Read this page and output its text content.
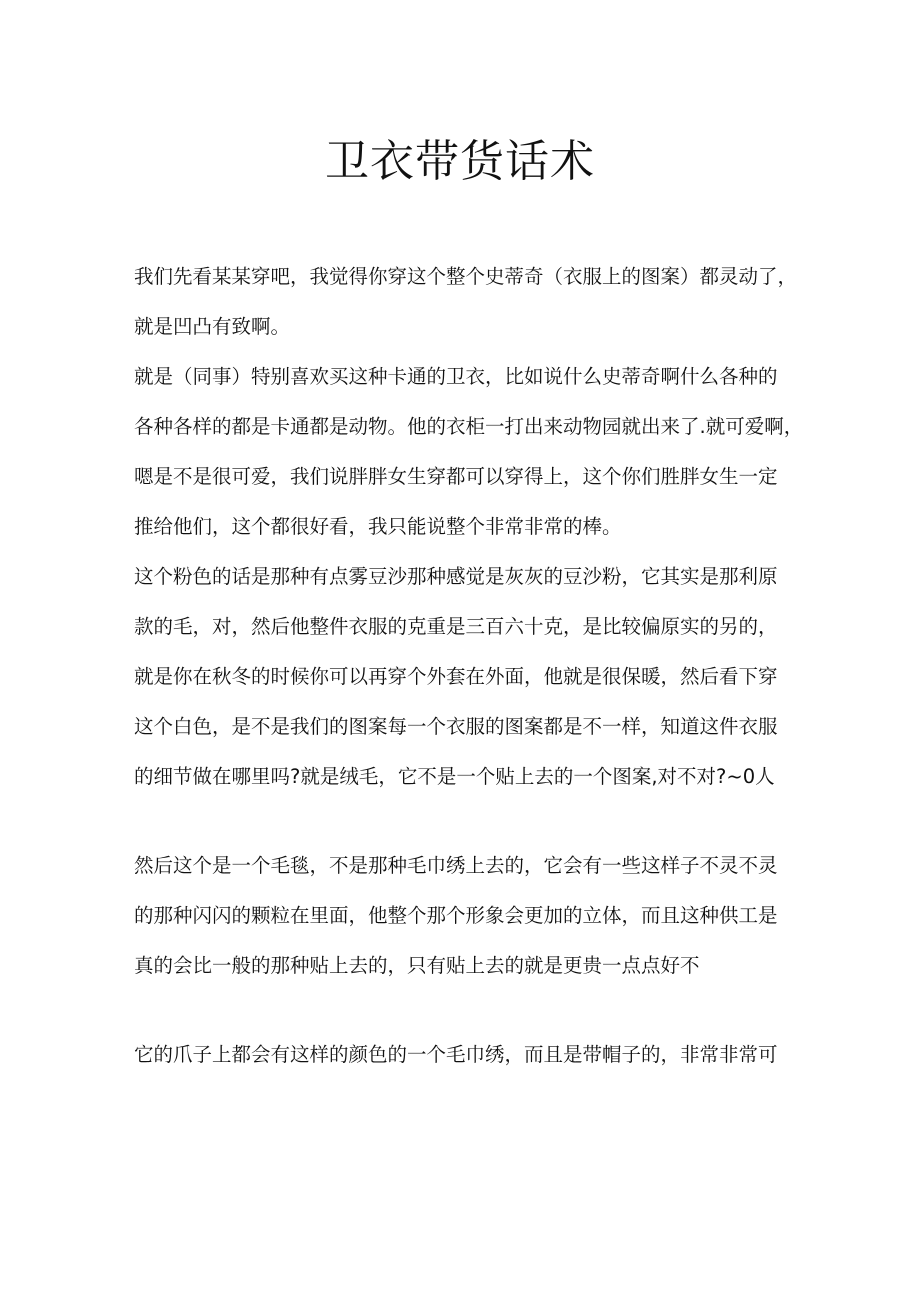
卫衣带货话术
我们先看某某穿吧，我觉得你穿这个整个史蒂奇（衣服上的图案）都灵动了，
就是凹凸有致啊。
就是（同事）特别喜欢买这种卡通的卫衣，比如说什么史蒂奇啊什么各种的
各种各样的都是卡通都是动物。他的衣柜一打出来动物园就出来了.就可爱啊，
嗯是不是很可爱，我们说胖胖女生穿都可以穿得上，这个你们胜胖女生一定
推给他们，这个都很好看，我只能说整个非常非常的棒。
这个粉色的话是那种有点雾豆沙那种感觉是灰灰的豆沙粉，它其实是那利原
款的毛，对，然后他整件衣服的克重是三百六十克，是比较偏原实的另的，
就是你在秋冬的时候你可以再穿个外套在外面，他就是很保暖，然后看下穿
这个白色，是不是我们的图案每一个衣服的图案都是不一样，知道这件衣服
的细节做在哪里吗?就是绒毛，它不是一个贴上去的一个图案,对不对?~0人
然后这个是一个毛毯，不是那种毛巾绣上去的，它会有一些这样子不灵不灵
的那种闪闪的颗粒在里面，他整个那个形象会更加的立体，而且这种供工是
真的会比一般的那种贴上去的，只有贴上去的就是更贵一点点好不
它的爪子上都会有这样的颜色的一个毛巾绣，而且是带帽子的，非常非常可
